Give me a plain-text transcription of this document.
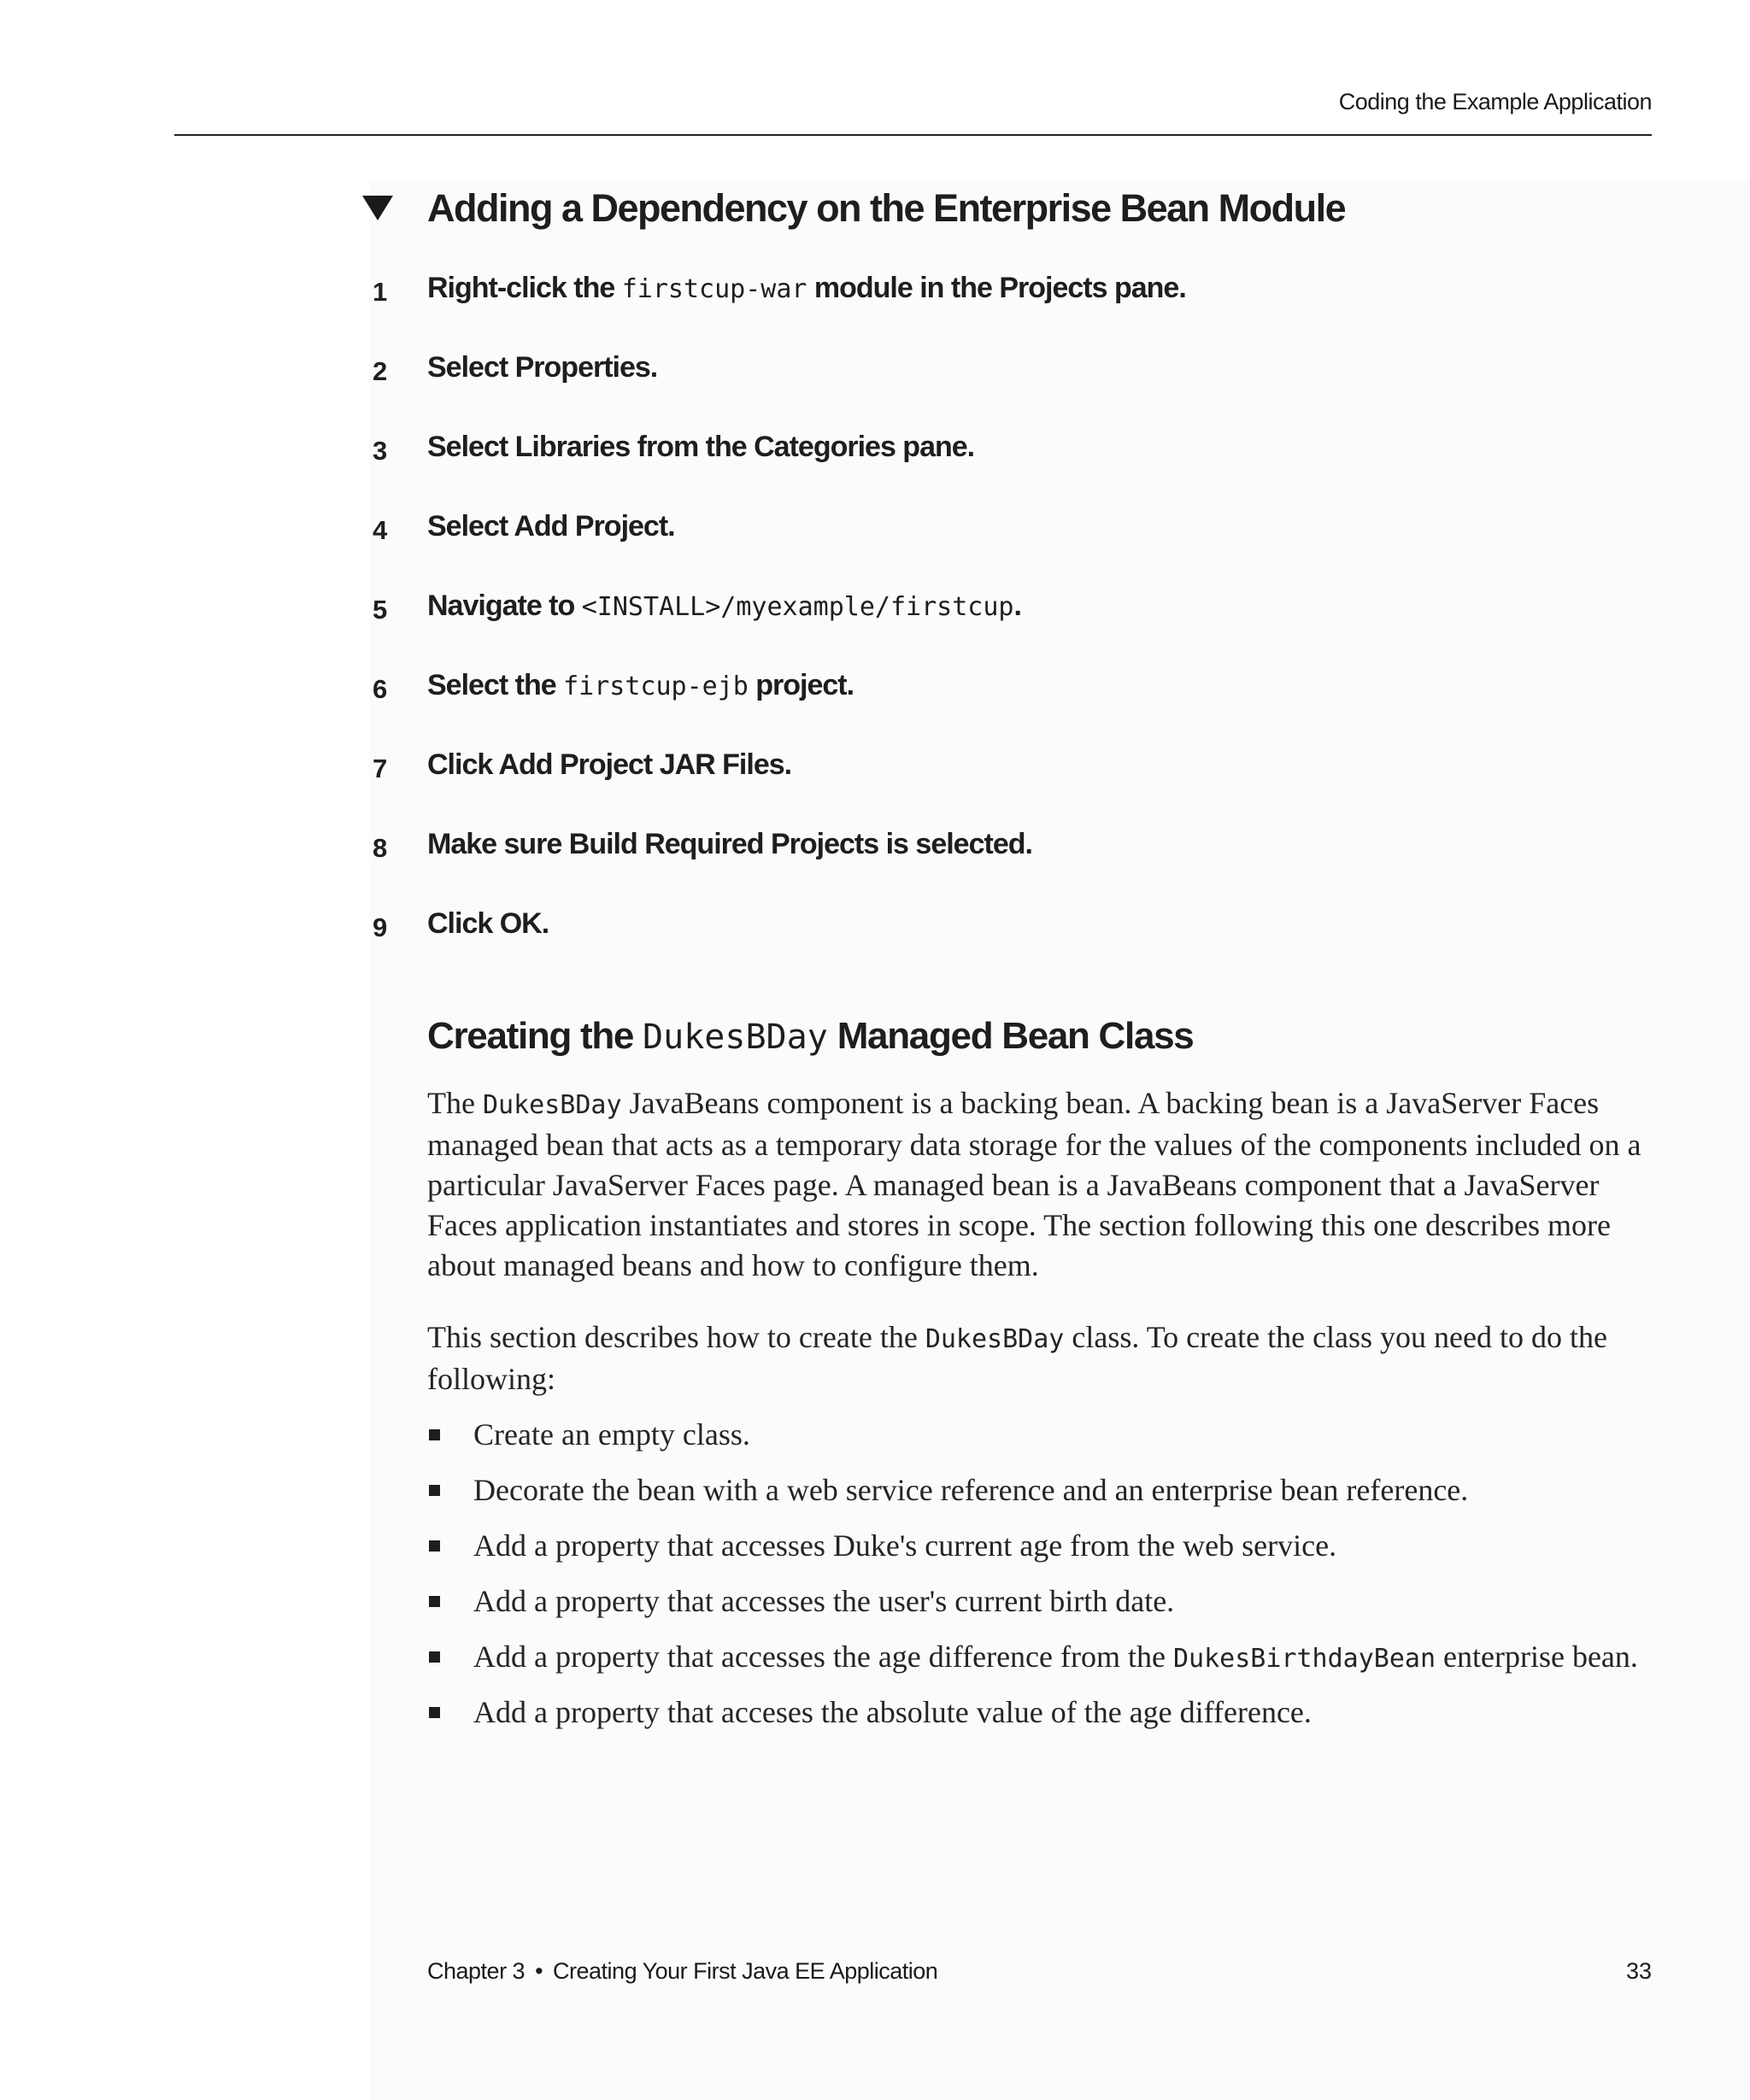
Coding the Example Application
Adding a Dependency on the Enterprise Bean Module
1 Right-click the firstcup-war module in the Projects pane.
2 Select Properties.
3 Select Libraries from the Categories pane.
4 Select Add Project.
5 Navigate to <INSTALL>/myexample/firstcup.
6 Select the firstcup-ejb project.
7 Click Add Project JAR Files.
8 Make sure Build Required Projects is selected.
9 Click OK.
Creating the DukesBDay Managed Bean Class

The DukesBDay JavaBeans component is a backing bean. A backing bean is a JavaServer Faces managed bean that acts as a temporary data storage for the values of the components included on a particular JavaServer Faces page. A managed bean is a JavaBeans component that a JavaServer Faces application instantiates and stores in scope. The section following this one describes more about managed beans and how to configure them.

This section describes how to create the DukesBDay class. To create the class you need to do the following:

Create an empty class.
Decorate the bean with a web service reference and an enterprise bean reference.
Add a property that accesses Duke's current age from the web service.
Add a property that accesses the user's current birth date.
Add a property that accesses the age difference from the DukesBirthdayBean enterprise bean.
Add a property that acceses the absolute value of the age difference.
Chapter 3 • Creating Your First Java EE Application	33
